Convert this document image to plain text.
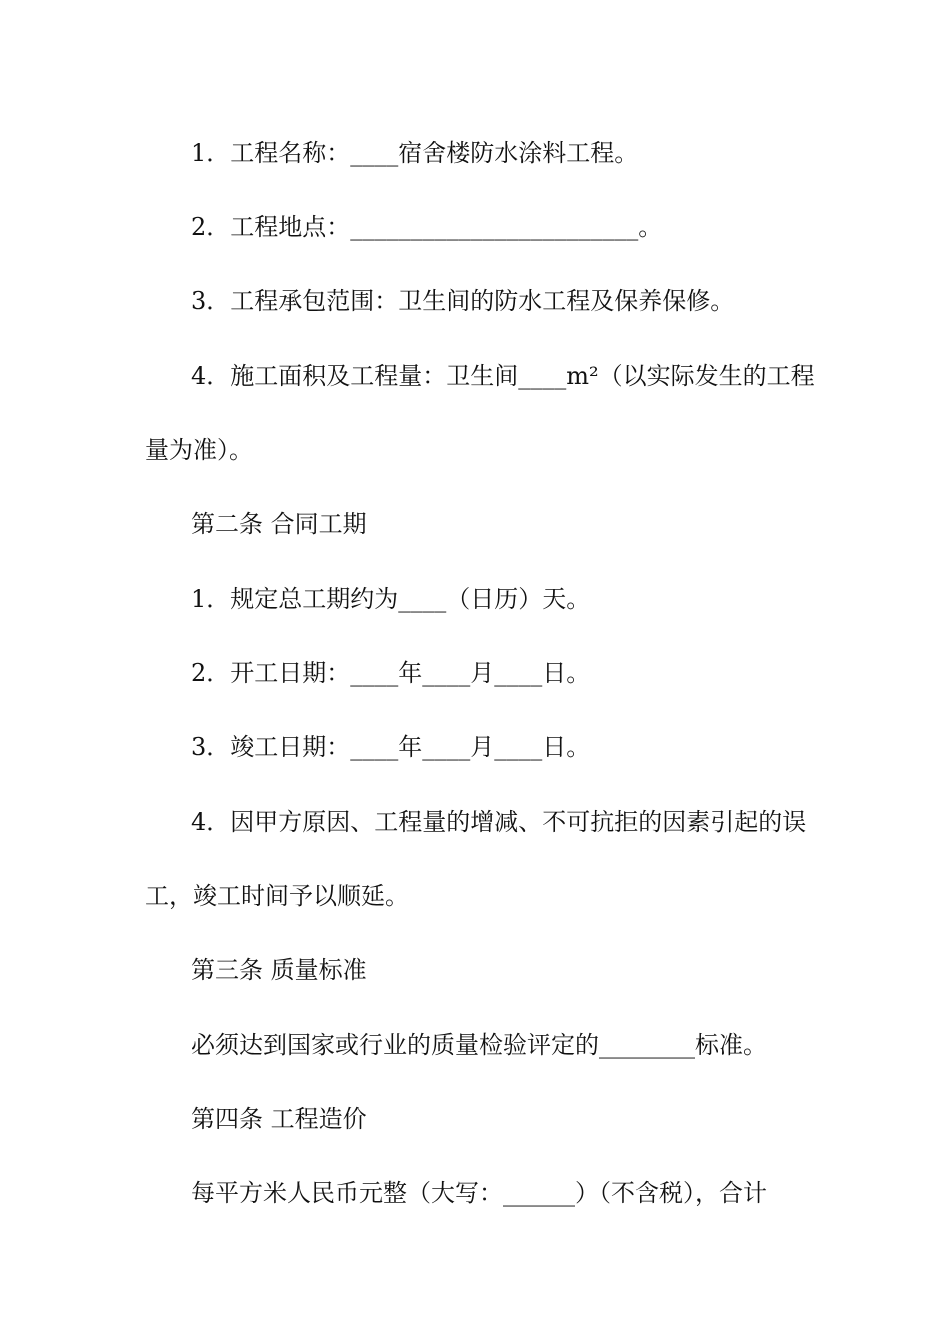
1．工程名称：____宿舍楼防水涂料工程。
2．工程地点：________________________。
3．工程承包范围：卫生间的防水工程及保养保修。
4．施工面积及工程量：卫生间____m²（以实际发生的工程
量为准）。
第二条 合同工期
1．规定总工期约为____（日历）天。
2．开工日期：____年____月____日。
3．竣工日期：____年____月____日。
4．因甲方原因、工程量的增减、不可抗拒的因素引起的误
工，竣工时间予以顺延。
第三条 质量标准
必须达到国家或行业的质量检验评定的________标准。
第四条 工程造价
每平方米人民币元整（大写：______）（不含税），合计
